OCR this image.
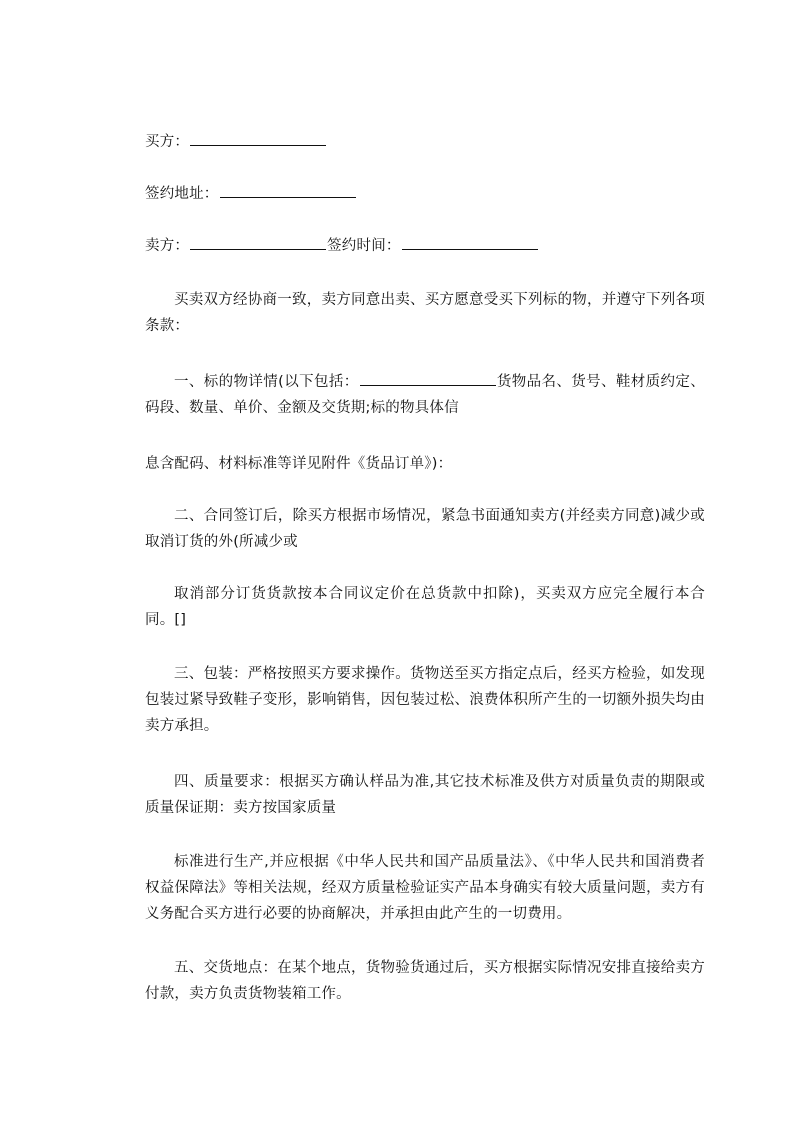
买方：
签约地址：
卖方：	签约时间：
买卖双方经协商一致，卖方同意出卖、买方愿意受买下列标的物，并遵守下列各项条款：
一、标的物详情(以下包括：	货物品名、货号、鞋材质约定、码段、数量、单价、金额及交货期;标的物具体信
息含配码、材料标准等详见附件《货品订单》)：
二、合同签订后，除买方根据市场情况，紧急书面通知卖方(并经卖方同意)减少或取消订货的外(所减少或
取消部分订货货款按本合同议定价在总货款中扣除)，买卖双方应完全履行本合同。[]
三、包装：严格按照买方要求操作。货物送至买方指定点后，经买方检验，如发现包装过紧导致鞋子变形，影响销售，因包装过松、浪费体积所产生的一切额外损失均由卖方承担。
四、质量要求：根据买方确认样品为准,其它技术标准及供方对质量负责的期限或质量保证期：卖方按国家质量
标准进行生产,并应根据《中华人民共和国产品质量法》、《中华人民共和国消费者权益保障法》等相关法规，经双方质量检验证实产品本身确实有较大质量问题，卖方有义务配合买方进行必要的协商解决，并承担由此产生的一切费用。
五、交货地点：在某个地点，货物验货通过后，买方根据实际情况安排直接给卖方付款，卖方负责货物装箱工作。
